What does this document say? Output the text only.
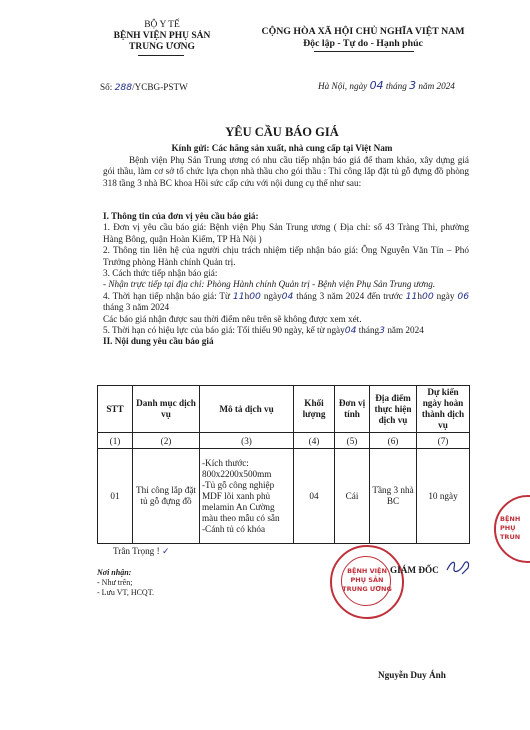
BỘ Y TẾ
BỆNH VIỆN PHỤ SẢN
TRUNG ƯƠNG
CỘNG HÒA XÃ HỘI CHỦ NGHĨA VIỆT NAM
Độc lập - Tự do - Hạnh phúc
Số: 288/YCBG-PSTW	Hà Nội, ngày 04 tháng 3 năm 2024
YÊU CẦU BÁO GIÁ
Kính gửi: Các hãng sản xuất, nhà cung cấp tại Việt Nam
Bệnh viện Phụ Sản Trung ương có nhu cầu tiếp nhận báo giá để tham khảo, xây dựng giá gói thầu, làm cơ sở tổ chức lựa chọn nhà thầu cho gói thầu : Thi công lắp đặt tủ gỗ đựng đồ phòng 318 tầng 3 nhà BC khoa Hồi sức cấp cứu với nội dung cụ thể như sau:
I. Thông tin của đơn vị yêu cầu báo giá:
1. Đơn vị yêu cầu báo giá: Bệnh viện Phụ Sản Trung ương ( Địa chỉ: số 43 Tràng Thi, phường Hàng Bông, quận Hoàn Kiếm, TP Hà Nội )
2. Thông tin liên hệ của người chịu trách nhiệm tiếp nhận báo giá: Ông Nguyễn Văn Tín – Phó Trưởng phòng Hành chính Quản trị.
3. Cách thức tiếp nhận báo giá:
- Nhận trực tiếp tại địa chỉ: Phòng Hành chính Quản trị - Bệnh viện Phụ Sản Trung ương.
4. Thời hạn tiếp nhận báo giá: Từ 11h00 ngày04 tháng 3 năm 2024 đến trước 11h00 ngày 06 tháng 3 năm 2024
Các báo giá nhận được sau thời điểm nêu trên sẽ không được xem xét.
5. Thời hạn có hiệu lực của báo giá: Tối thiểu 90 ngày, kể từ ngày04 tháng3 năm 2024
II. Nội dung yêu cầu báo giá
STT	Danh mục dịch vụ	Mô tả dịch vụ	Khối lượng	Đơn vị tính	Địa điểm thực hiện dịch vụ	Dự kiến ngày hoàn thành dịch vụ
(1)	(2)	(3)	(4)	(5)	(6)	(7)
01	Thi công lắp đặt tủ gỗ đựng đồ	-Kích thước: 800x2200x500mm
-Tủ gỗ công nghiệp MDF lõi xanh phủ melamin An Cường màu theo mẫu có sẵn
-Cánh tủ có khóa	04	Cái	Tầng 3 nhà BC	10 ngày
Trân Trọng ! ✓
Nơi nhận:
- Như trên;
- Lưu VT, HCQT.
BỆNH VIỆN
PHỤ SẢN
TRUNG ƯƠNG
BỆNH
PHỤ
TRUN
GIÁM ĐỐC
Nguyễn Duy Ánh
